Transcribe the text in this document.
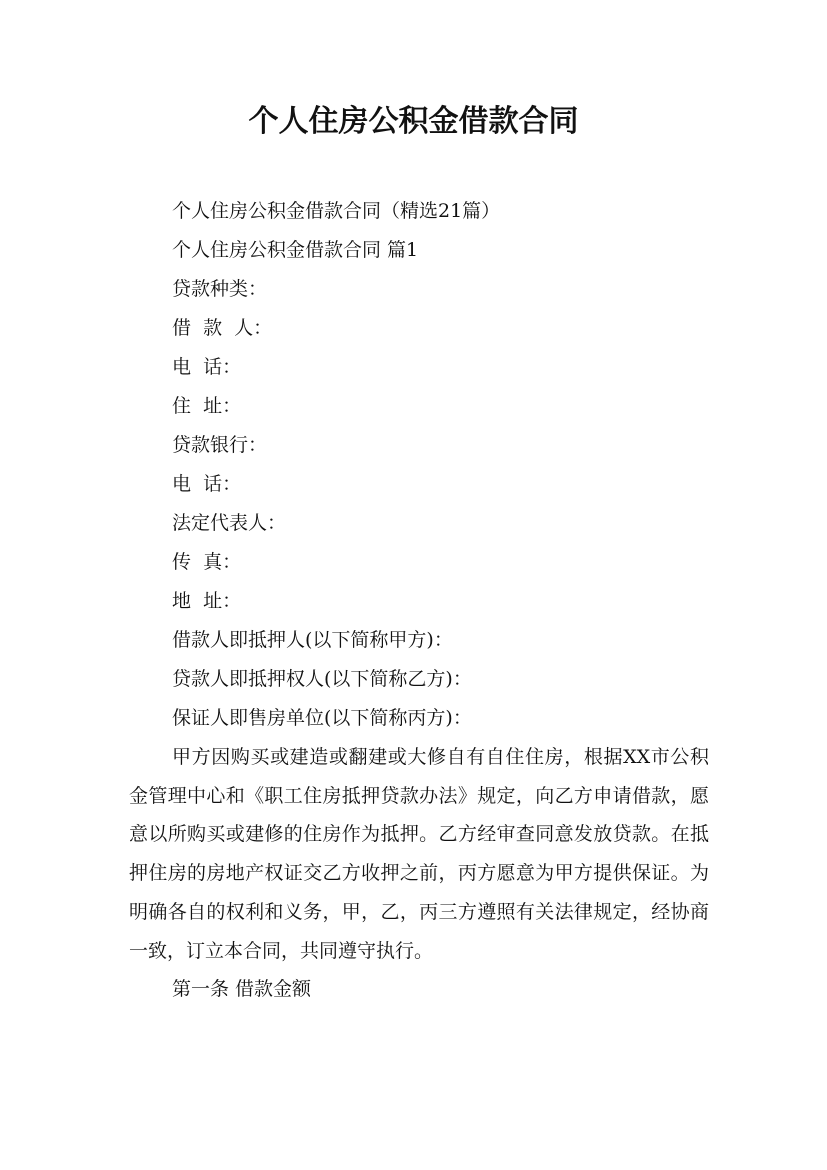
个人住房公积金借款合同

个人住房公积金借款合同（精选21篇）

个人住房公积金借款合同 篇1

贷款种类：

借  款  人：

电  话：

住  址：

贷款银行：

电  话：

法定代表人：

传  真：

地  址：

借款人即抵押人(以下简称甲方)：

贷款人即抵押权人(以下简称乙方)：

保证人即售房单位(以下简称丙方)：

甲方因购买或建造或翻建或大修自有自住住房，根据XX市公积金管理中心和《职工住房抵押贷款办法》规定，向乙方申请借款，愿意以所购买或建修的住房作为抵押。乙方经审查同意发放贷款。在抵押住房的房地产权证交乙方收押之前，丙方愿意为甲方提供保证。为明确各自的权利和义务，甲，乙，丙三方遵照有关法律规定，经协商一致，订立本合同，共同遵守执行。

第一条 借款金额
